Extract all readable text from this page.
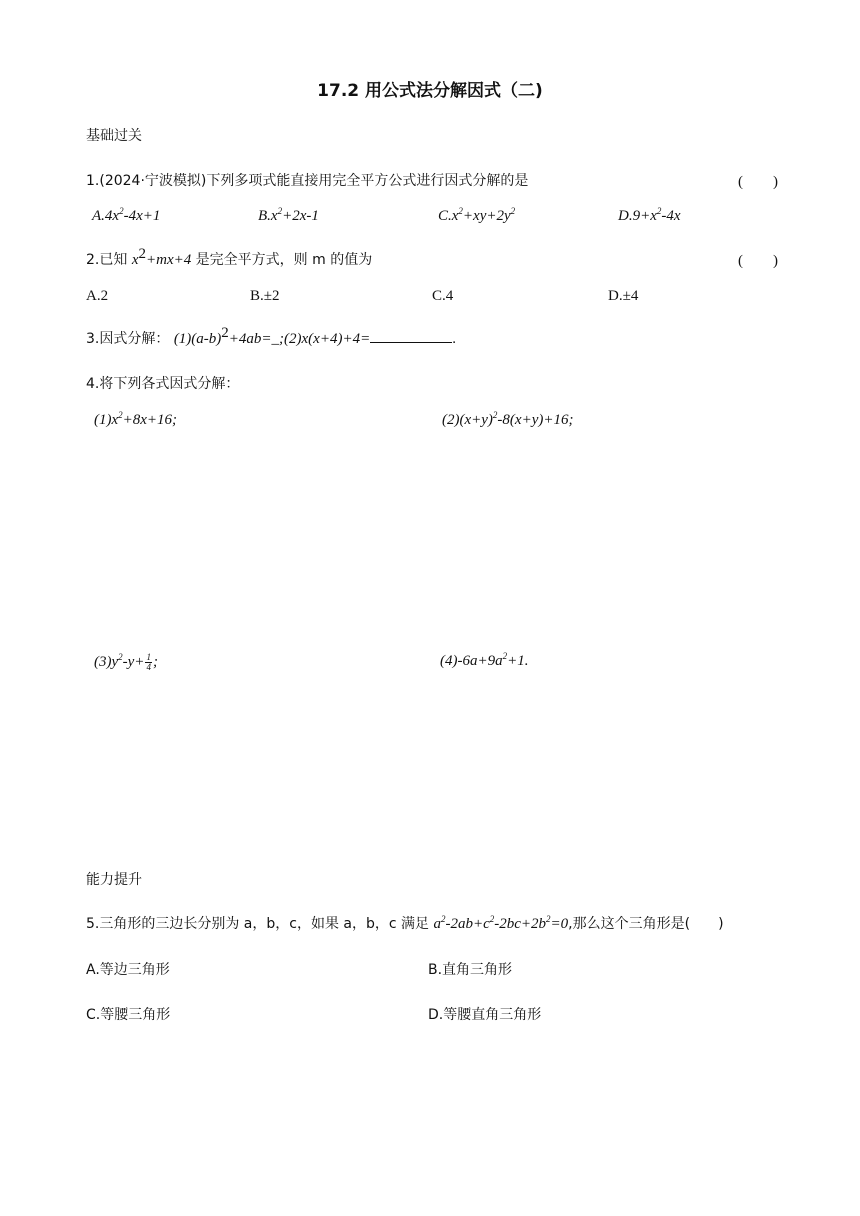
17.2 用公式法分解因式（二)
基础过关
1.(2024·宁波模拟)下列多项式能直接用完全平方公式进行因式分解的是	(　　)
$A.4x^2-4x+1$	$B.x^2+2x-1$	$C.x^2+xy+2y^2$	$D.9+x^2-4x$
2.已知 $x^2+mx+4$ 是完全平方式，则 m 的值为	(　　)
A.2	B.±2	C.4	D.±4
3.因式分解： $(1)(a-b)^2+4ab=\_;(2)x(x+4)+4=$	.
4.将下列各式因式分解：
$(1)x^2+8x+16$;	$(2)(x+y)^2-8(x+y)+16$;
$(3)y^2-y+ \frac{1}{4}$ ;	$(4)-6a+9a^2+1$.
能力提升
5.三角形的三边长分别为 a，b，c，如果 a，b，c 满足 $a^2-2ab+c^2-2bc+2b^2=0$,那么这个三角形是(　　)
A.等边三角形	B.直角三角形
C.等腰三角形	D.等腰直角三角形
